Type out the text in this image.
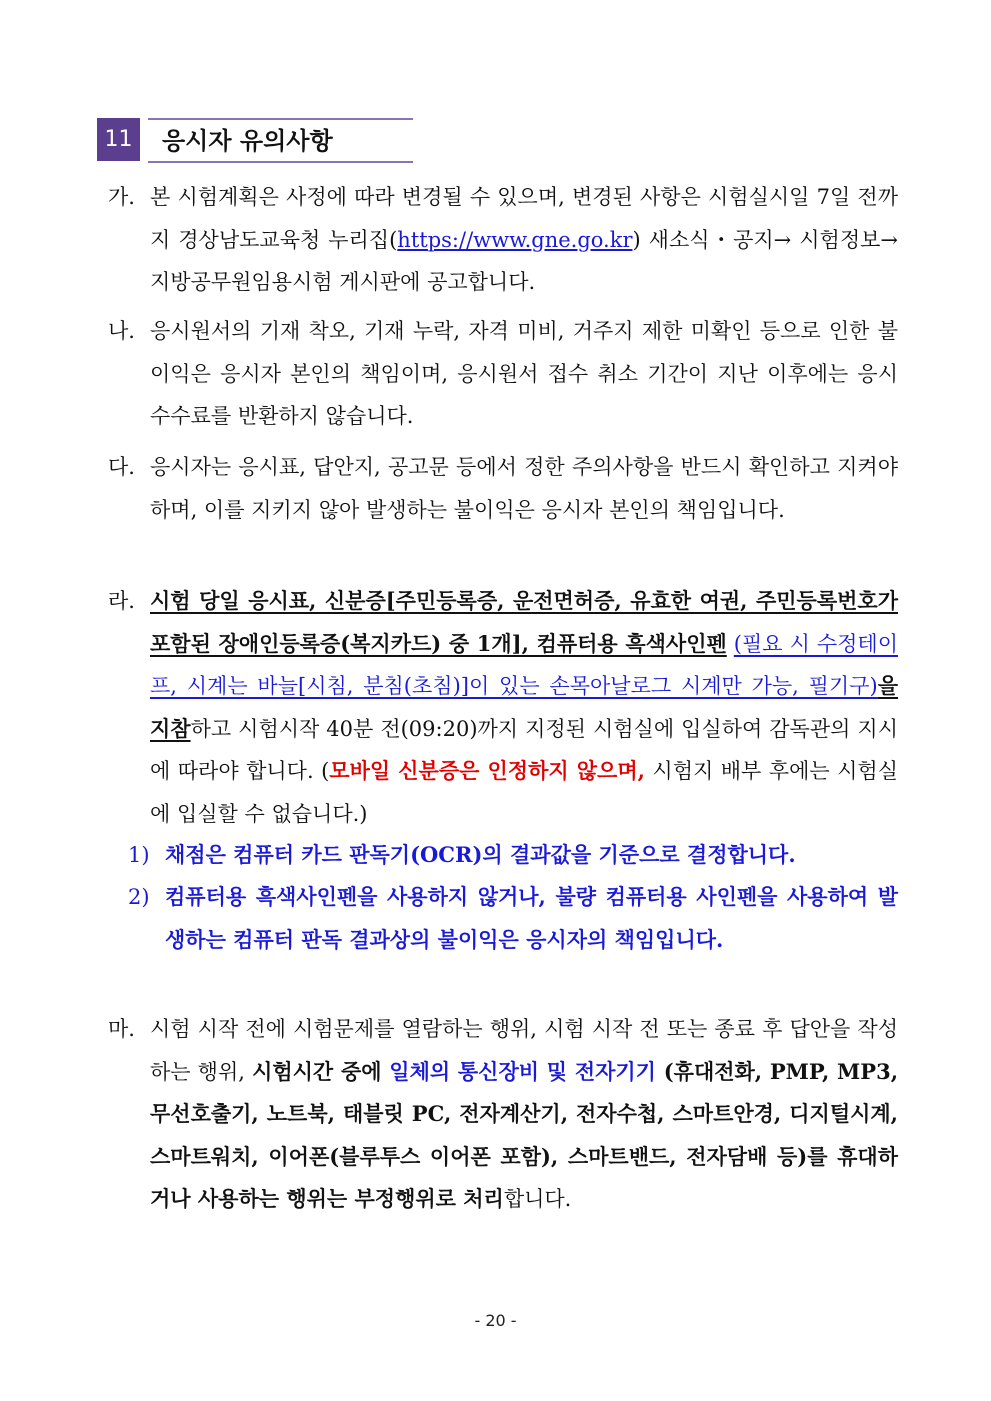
11	응시자 유의사항
가. 본 시험계획은 사정에 따라 변경될 수 있으며, 변경된 사항은 시험실시일 7일 전까지 경상남도교육청 누리집(https://www.gne.go.kr) 새소식・공지→ 시험정보→지방공무원임용시험 게시판에 공고합니다.
나. 응시원서의 기재 착오, 기재 누락, 자격 미비, 거주지 제한 미확인 등으로 인한 불이익은 응시자 본인의 책임이며, 응시원서 접수 취소 기간이 지난 이후에는 응시 수수료를 반환하지 않습니다.
다. 응시자는 응시표, 답안지, 공고문 등에서 정한 주의사항을 반드시 확인하고 지켜야 하며, 이를 지키지 않아 발생하는 불이익은 응시자 본인의 책임입니다.
라. 시험 당일 응시표, 신분증[주민등록증, 운전면허증, 유효한 여권, 주민등록번호가 포함된 장애인등록증(복지카드) 중 1개], 컴퓨터용 흑색사인펜 (필요 시 수정테이프, 시계는 바늘[시침, 분침(초침)]이 있는 손목아날로그 시계만 가능, 필기구)을 지참하고 시험시작 40분 전(09:20)까지 지정된 시험실에 입실하여 감독관의 지시에 따라야 합니다. (모바일 신분증은 인정하지 않으며, 시험지 배부 후에는 시험실에 입실할 수 없습니다.)
1) 채점은 컴퓨터 카드 판독기(OCR)의 결과값을 기준으로 결정합니다.
2) 컴퓨터용 흑색사인펜을 사용하지 않거나, 불량 컴퓨터용 사인펜을 사용하여 발생하는 컴퓨터 판독 결과상의 불이익은 응시자의 책임입니다.
마. 시험 시작 전에 시험문제를 열람하는 행위, 시험 시작 전 또는 종료 후 답안을 작성하는 행위, 시험시간 중에 일체의 통신장비 및 전자기기 (휴대전화, PMP, MP3, 무선호출기, 노트북, 태블릿 PC, 전자계산기, 전자수첩, 스마트안경, 디지털시계, 스마트워치, 이어폰(블루투스 이어폰 포함), 스마트밴드, 전자담배 등)를 휴대하거나 사용하는 행위는 부정행위로 처리합니다.
- 20 -
